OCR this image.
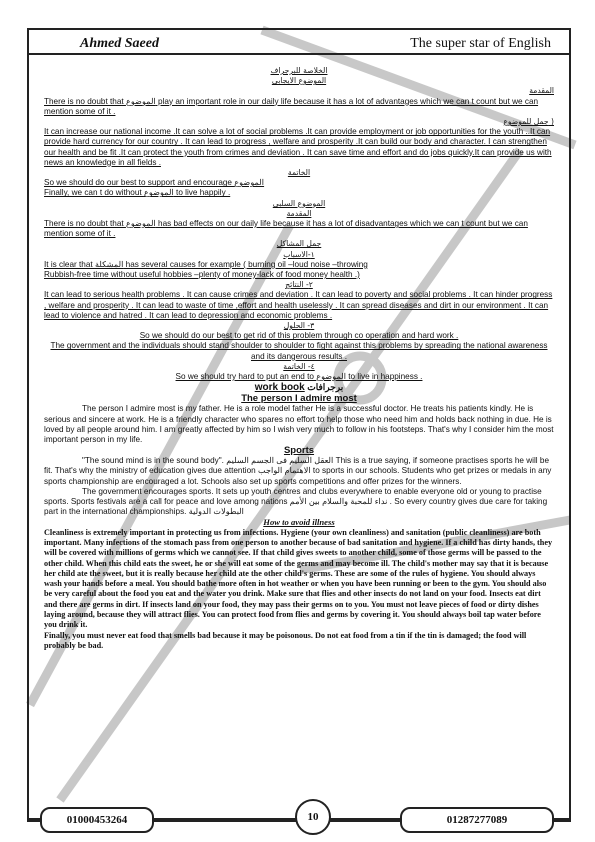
Ahmed Saeed	The super star of English

الخلاصة للبرجراف

الموضوع الايجابى

المقدمة

There is no doubt that الموضوع play an important role in our daily life because it has a lot of advantages which we can t count but we can mention some of it .

جمل للموضوع )

It can increase our national income .It can solve a lot of social problems .It can provide employment or job opportunities for the youth ..It can provide hard currency for our country . It can lead to progress , welfare and prosperity .It can build our body and character. I can strengthen our health and be fit .It can protect the youth from crimes and deviation . It can save time and effort and do jobs quickly.It can provide us with news an knowledge in all fields .

الخاتمة

So we should do our best to support and encourage الموضوع

Finally, we can t do without الموضوع to live happily .

الموضوع السلبى

المقدمة

There is no doubt that الموضوع has bad effects on our daily life because it has a lot of disadvantages which we can t count but we can mention some of it .

جمل المشاكل

١-الاسباب

It is clear that المشكلة has several causes for example ( burning oil –loud noise –throwing

Rubbish-free time without useful hobbies –plenty of money-lack of food money health .)

٢- النتائج

It can lead to serious health problems . It can cause crimes and deviation . It can lead to poverty and social problems . It can hinder progress , welfare and prosperity . It can lead to waste of time ,effort and health uselessly . It can spread diseases and dirt in our environment . It can lead to violence and hatred . It can lead to depression and economic problems .

٣- الحلول

So we should do our best to get rid of this problem through co operation and hard work .

The government and the individuals should stand shoulder to shoulder to fight against this problems by spreading the national awareness and its dangerous results .

٤- الخاتمة

So we should try hard to put an end to الموضوع to live in happiness .

work book برجرافات

The person I admire most

The person I admire most is my father. He is a role model father He is a successful doctor. He treats his patients kindly. He is serious and sincere at work. He is a friendly character who spares no effort to help those who need him and holds back nothing in due. He is loved by all people around him. I am greatly affected by him so I wish very much to follow in his footsteps. That's why I consider him the most important person in my life.

Sports

"The sound mind is in the sound body". العقل السليم فى الجسم السليم This is a true saying, if someone practises sports he will be fit. That's why the ministry of education gives due attention الاهتمام الواجب to sports in our schools. Students who get prizes or medals in any sports championship are encouraged a lot. Schools also set up sports competitions and offer prizes for the winners.

The government encourages sports. It sets up youth centres and clubs everywhere to enable everyone old or young to practise sports. Sports festivals are a call for peace and love among nations نداء للمحبة والسلام بين الأمم . So every country gives due care for taking part in the international championships. البطولات الدولية

How to avoid illness

Cleanliness is extremely important in protecting us from infections. Hygiene (your own cleanliness) and sanitation (public cleanliness) are both important. Many infections of the stomach pass from one person to another because of bad sanitation and hygiene. If a child has dirty hands, they will be covered with millions of germs which we cannot see. If that child gives sweets to another child, some of those germs will be passed to the other child. When this child eats the sweet, he or she will eat some of the germs and may become ill. The child's mother may say that it is because her child ate the sweet, but it is really because her child ate the other child's germs. These are some of the rules of hygiene. You should always wash your hands before a meal. You should bathe more often in hot weather or when you have been running or been to the gym. You should also be very careful about the food you eat and the water you drink. Make sure that flies and other insects do not land on your food. Insects eat dirt and there are germs in dirt. If insects land on your food, they may pass their germs on to you. You must not leave pieces of food or dirty dishes laying around, because they will attract flies. You can protect food from flies and germs by covering it. You should always boil tap water before you drink it.

Finally, you must never eat food that smells bad because it may be poisonous. Do not eat food from a tin if the tin is damaged; the food will probably be bad.

01000453264	01287277089
10
